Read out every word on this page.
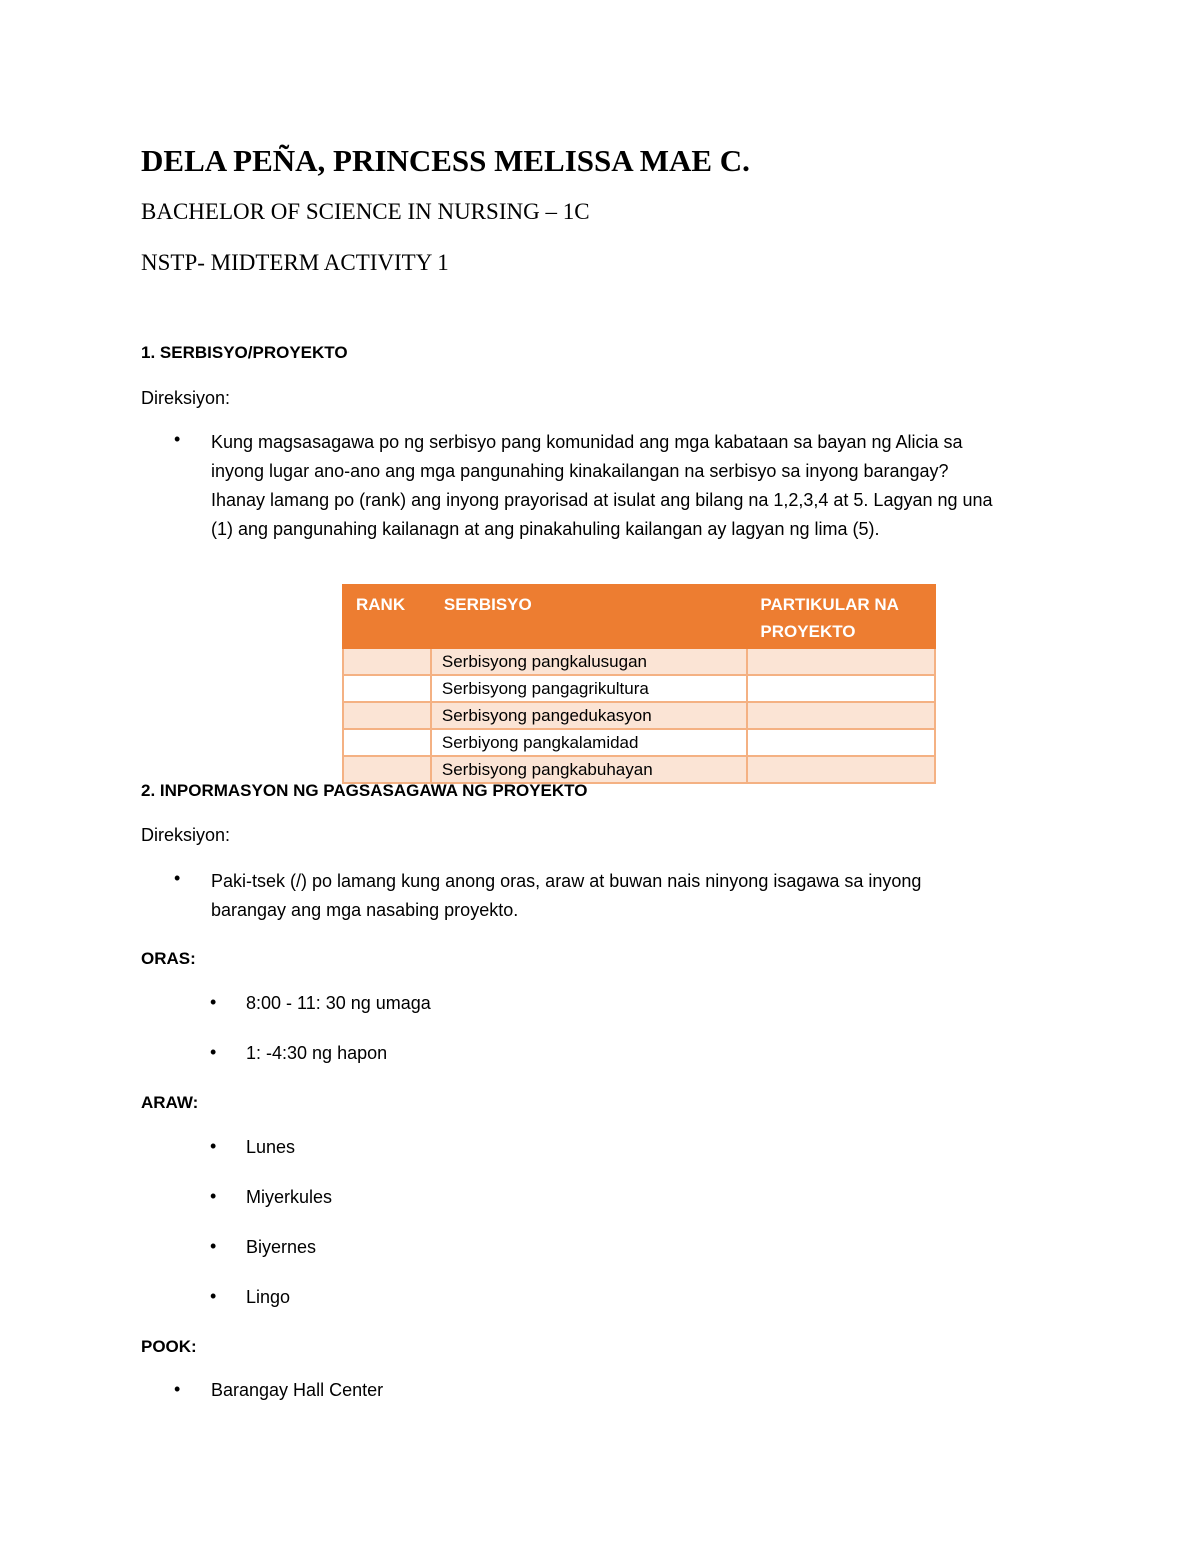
DELA PEÑA, PRINCESS MELISSA MAE C.
BACHELOR OF SCIENCE IN NURSING – 1C
NSTP- MIDTERM ACTIVITY 1
1. SERBISYO/PROYEKTO
Direksiyon:
• Kung magsasagawa po ng serbisyo pang komunidad ang mga kabataan sa bayan ng Alicia sa
inyong lugar ano-ano ang mga pangunahing kinakailangan na serbisyo sa inyong barangay?
Ihanay lamang po (rank) ang inyong prayorisad at isulat ang bilang na 1,2,3,4 at 5. Lagyan ng una
(1) ang pangunahing kailanagn at ang pinakahuling kailangan ay lagyan ng lima (5).
RANK	SERBISYO	PARTIKULAR NA PROYEKTO
	Serbisyong pangkalusugan	
	Serbisyong pangagrikultura	
	Serbisyong pangedukasyon	
	Serbiyong pangkalamidad	
	Serbisyong pangkabuhayan	
2. INPORMASYON NG PAGSASAGAWA NG PROYEKTO
Direksiyon:
• Paki-tsek (/) po lamang kung anong oras, araw at buwan nais ninyong isagawa sa inyong
barangay ang mga nasabing proyekto.
ORAS:
• 8:00 - 11: 30 ng umaga
• 1: -4:30 ng hapon
ARAW:
• Lunes
• Miyerkules
• Biyernes
• Lingo
POOK:
• Barangay Hall Center
